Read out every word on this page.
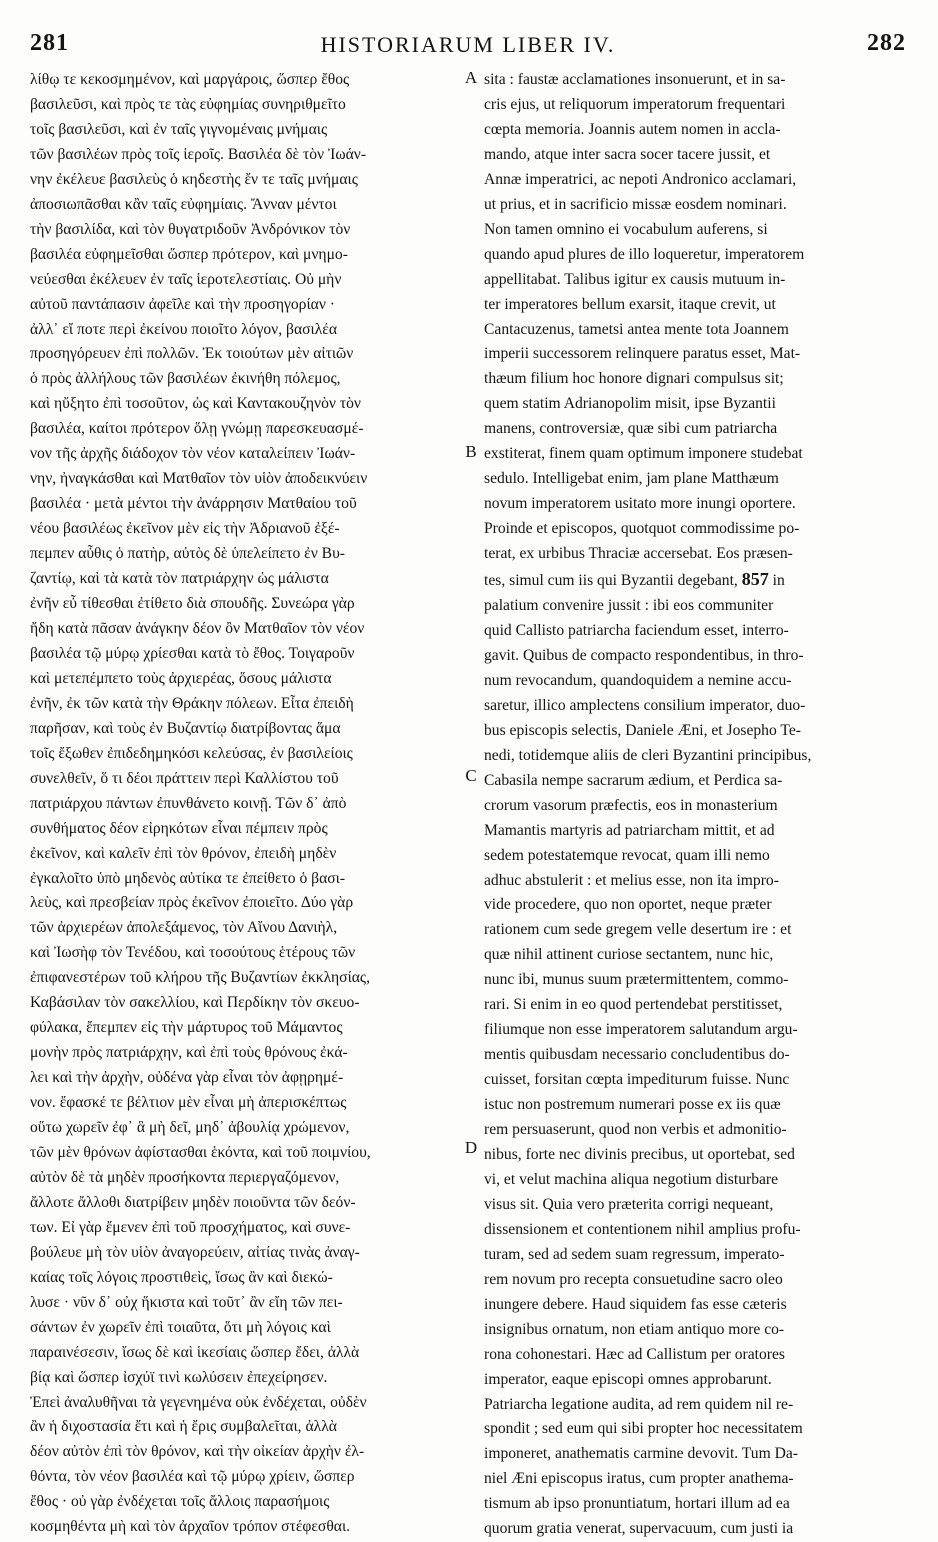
281	HISTORIARUM LIBER IV.	282
λίθῳ τε κεκοσμημένον, καὶ μαργάροις, ὥσπερ ἔθος
βασιλεῦσι, καὶ πρὸς τε τὰς εὐφημίας συνηριθμεῖτο
τοῖς βασιλεῦσι, καὶ ἐν ταῖς γιγνομέναις μνήμαις
τῶν βασιλέων πρὸς τοῖς ἱεροῖς. Βασιλέα δὲ τὸν Ἰωάν-
νην ἐκέλευε βασιλεὺς ὁ κηδεστὴς ἔν τε ταῖς μνήμαις
ἀποσιωπᾶσθαι κἂν ταῖς εὐφημίαις. Ἄνναν μέντοι
τὴν βασιλίδα, καὶ τὸν θυγατριδοῦν Ἀνδρόνικον τὸν
βασιλέα εὐφημεῖσθαι ὥσπερ πρότερον, καὶ μνημο-
νεύεσθαι ἐκέλευεν ἐν ταῖς ἱεροτελεστίαις. Οὐ μὴν
αὐτοῦ παντάπασιν ἀφεῖλε καὶ τὴν προσηγορίαν ·
ἀλλ᾽ εἴ ποτε περὶ ἐκείνου ποιοῖτο λόγον, βασιλέα
προσηγόρευεν ἐπὶ πολλῶν. Ἐκ τοιούτων μὲν αἰτιῶν
ὁ πρὸς ἀλλήλους τῶν βασιλέων ἐκινήθη πόλεμος,
καὶ ηὔξητο ἐπὶ τοσοῦτον, ὡς καὶ Καντακουζηνὸν τὸν
βασιλέα, καίτοι πρότερον ὅλῃ γνώμῃ παρεσκευασμέ-
νον τῆς ἀρχῆς διάδοχον τὸν νέον καταλείπειν Ἰωάν-
νην, ἠναγκάσθαι καὶ Ματθαῖον τὸν υἱὸν ἀποδεικνύειν
βασιλέα · μετὰ μέντοι τὴν ἀνάρρησιν Ματθαίου τοῦ
νέου βασιλέως ἐκεῖνον μὲν εἰς τὴν Ἀδριανοῦ ἐξέ-
πεμπεν αὖθις ὁ πατὴρ, αὐτὸς δὲ ὑπελείπετο ἐν Βυ-
ζαντίῳ, καὶ τὰ κατὰ τὸν πατριάρχην ὡς μάλιστα
ἐνῆν εὖ τίθεσθαι ἐτίθετο διὰ σπουδῆς. Συνεώρα γὰρ
ἤδη κατὰ πᾶσαν ἀνάγκην δέον ὂν Ματθαῖον τὸν νέον
βασιλέα τῷ μύρῳ χρίεσθαι κατὰ τὸ ἔθος. Τοιγαροῦν
καὶ μετεπέμπετο τοὺς ἀρχιερέας, ὅσους μάλιστα
ἐνῆν, ἐκ τῶν κατὰ τὴν Θράκην πόλεων. Εἶτα ἐπειδὴ
παρῆσαν, καὶ τοὺς ἐν Βυζαντίῳ διατρίβοντας ἅμα
τοῖς ἔξωθεν ἐπιδεδημηκόσι κελεύσας, ἐν βασιλείοις
συνελθεῖν, ὅ τι δέοι πράττειν περὶ Καλλίστου τοῦ
πατριάρχου πάντων ἐπυνθάνετο κοινῇ. Τῶν δ᾽ ἀπὸ
συνθήματος δέον εἰρηκότων εἶναι πέμπειν πρὸς
ἐκεῖνον, καὶ καλεῖν ἐπὶ τὸν θρόνον, ἐπειδὴ μηδὲν
ἐγκαλοῖτο ὑπὸ μηδενὸς αὐτίκα τε ἐπείθετο ὁ βασι-
λεὺς, καὶ πρεσβείαν πρὸς ἐκεῖνον ἐποιεῖτο. Δύο γὰρ
τῶν ἀρχιερέων ἀπολεξάμενος, τὸν Αἴνου Δανιὴλ,
καὶ Ἰωσὴφ τὸν Τενέδου, καὶ τοσούτους ἑτέρους τῶν
ἐπιφανεστέρων τοῦ κλήρου τῆς Βυζαντίων ἐκκλησίας,
Καβάσιλαν τὸν σακελλίου, καὶ Περδίκην τὸν σκευο-
φύλακα, ἔπεμπεν εἰς τὴν μάρτυρος τοῦ Μάμαντος
μονὴν πρὸς πατριάρχην, καὶ ἐπὶ τοὺς θρόνους ἐκά-
λει καὶ τὴν ἀρχὴν, οὐδένα γὰρ εἶναι τὸν ἀφῃρημέ-
νον. ἔφασκέ τε βέλτιον μὲν εἶναι μὴ ἀπερισκέπτως
οὕτω χωρεῖν ἐφ᾽ ἃ μὴ δεῖ, μηδ᾽ ἀβουλίᾳ χρώμενον,
τῶν μὲν θρόνων ἀφίστασθαι ἑκόντα, καὶ τοῦ ποιμνίου,
αὐτὸν δὲ τὰ μηδὲν προσήκοντα περιεργαζόμενον,
ἄλλοτε ἄλλοθι διατρίβειν μηδὲν ποιοῦντα τῶν δεόν-
των. Εἰ γὰρ ἔμενεν ἐπὶ τοῦ προσχήματος, καὶ συνε-
βούλευε μὴ τὸν υἱὸν ἀναγορεύειν, αἰτίας τινὰς ἀναγ-
καίας τοῖς λόγοις προστιθεὶς, ἴσως ἂν καὶ διεκώ-
λυσε · νῦν δ᾽ οὐχ ἥκιστα καὶ τοῦτ᾽ ἂν εἴη τῶν πει-
σάντων ἐν χωρεῖν ἐπὶ τοιαῦτα, ὅτι μὴ λόγοις καὶ
παραινέσεσιν, ἴσως δὲ καὶ ἱκεσίαις ὥσπερ ἔδει, ἀλλὰ
βίᾳ καὶ ὥσπερ ἰσχύϊ τινὶ κωλύσειν ἐπεχείρησεν.
Ἐπεὶ ἀναλυθῆναι τὰ γεγενημένα οὐκ ἐνδέχεται, οὐδὲν
ἂν ἡ διχοστασία ἔτι καὶ ἡ ἔρις συμβαλεῖται, ἀλλὰ
δέον αὐτὸν ἐπὶ τὸν θρόνον, καὶ τὴν οἰκείαν ἀρχὴν ἐλ-
θόντα, τὸν νέον βασιλέα καὶ τῷ μύρῳ χρίειν, ὥσπερ
ἔθος · οὐ γὰρ ἐνδέχεται τοῖς ἄλλοις παρασήμοις
κοσμηθέντα μὴ καὶ τὸν ἀρχαῖον τρόπον στέφεσθαι.
sita : faustæ acclamationes insonuerunt, et in sa-
cris ejus, ut reliquorum imperatorum frequentari
cœpta memoria. Joannis autem nomen in accla-
mando, atque inter sacra socer tacere jussit, et
Annæ imperatrici, ac nepoti Andronico acclamari,
ut prius, et in sacrificio missæ eosdem nominari.
Non tamen omnino ei vocabulum auferens, si
quando apud plures de illo loqueretur, imperatorem
appellitabat. Talibus igitur ex causis mutuum in-
ter imperatores bellum exarsit, itaque crevit, ut
Cantacuzenus, tametsi antea mente tota Joannem
imperii successorem relinquere paratus esset, Mat-
thæum filium hoc honore dignari compulsus sit;
quem statim Adrianopolim misit, ipse Byzantii
manens, controversiæ, quæ sibi cum patriarcha
exstiterat, finem quam optimum imponere studebat
sedulo. Intelligebat enim, jam plane Matthæum
novum imperatorem usitato more inungi oportere.
Proinde et episcopos, quotquot commodissime po-
terat, ex urbibus Thraciæ accersebat. Eos præsen-
tes, simul cum iis qui Byzantii degebant, 857 in
palatium convenire jussit : ibi eos communiter
quid Callisto patriarcha faciendum esset, interro-
gavit. Quibus de compacto respondentibus, in thro-
num revocandum, quandoquidem a nemine accu-
saretur, illico amplectens consilium imperator, duo-
bus episcopis selectis, Daniele Æni, et Josepho Te-
nedi, totidemque aliis de cleri Byzantini principibus,
Cabasila nempe sacrarum ædium, et Perdica sa-
crorum vasorum præfectis, eos in monasterium
Mamantis martyris ad patriarcham mittit, et ad
sedem potestatemque revocat, quam illi nemo
adhuc abstulerit : et melius esse, non ita impro-
vide procedere, quo non oportet, neque præter
rationem cum sede gregem velle desertum ire : et
quæ nihil attinent curiose sectantem, nunc hic,
nunc ibi, munus suum prætermittentem, commo-
rari. Si enim in eo quod pertendebat perstitisset,
filiumque non esse imperatorem salutandum argu-
mentis quibusdam necessario concludentibus do-
cuisset, forsitan cœpta impediturum fuisse. Nunc
istuc non postremum numerari posse ex iis quæ
rem persuaserunt, quod non verbis et admonitio-
nibus, forte nec divinis precibus, ut oportebat, sed
vi, et velut machina aliqua negotium disturbare
visus sit. Quia vero præterita corrigi nequeant,
dissensionem et contentionem nihil amplius profu-
turam, sed ad sedem suam regressum, imperato-
rem novum pro recepta consuetudine sacro oleo
inungere debere. Haud siquidem fas esse cæteris
insignibus ornatum, non etiam antiquo more co-
rona cohonestari. Hæc ad Callistum per oratores
imperator, eaque episcopi omnes approbarunt.
Patriarcha legatione audita, ad rem quidem nil re-
spondit ; sed eum qui sibi propter hoc necessitatem
imponeret, anathematis carmine devovit. Tum Da-
niel Æni episcopus iratus, cum propter anathema-
tismum ab ipso pronuntiatum, hortari illum ad ea
quorum gratia venerat, supervacuum, cum justi ia
A
B
C
D
